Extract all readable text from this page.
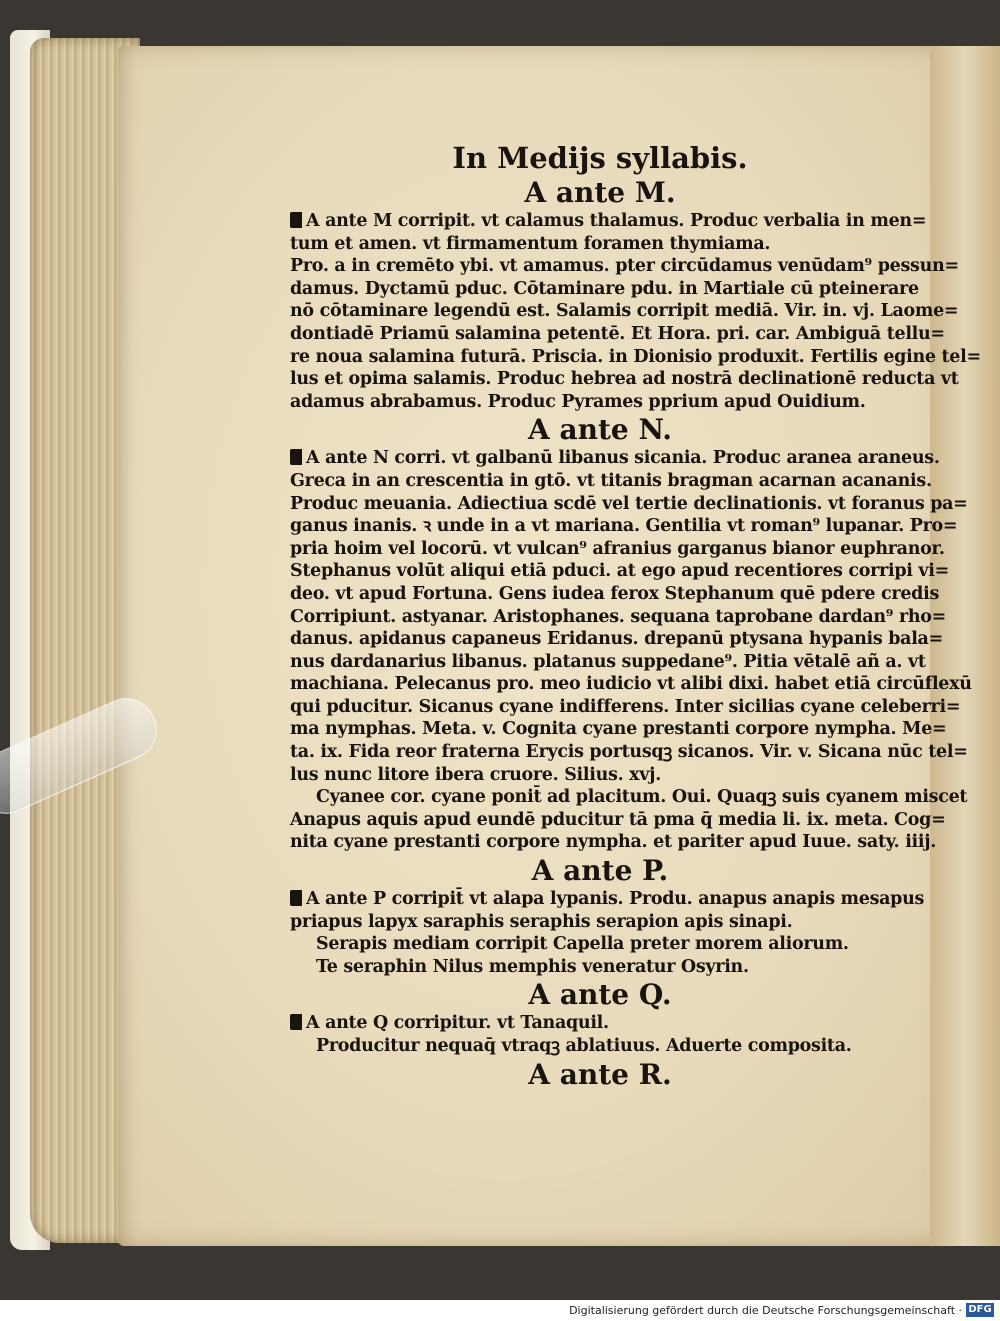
In Medijs syllabis.

A ante M.

A ante M corripit. vt calamus thalamus. Produc verbalia in men=

tum et amen. vt firmamentum foramen thymiama.

Pro. a in cremēto ybi. vt amamus. pter circūdamus venūdam⁹ pessun=

damus. Dyctamū pduc. Cōtaminare pdu. in Martiale cū pteinerare

nō cōtaminare legendū est. Salamis corripit mediā. Vir. in. vj. Laome=

dontiadē Priamū salamina petentē. Et Hora. pri. car. Ambiguā tellu=

re noua salamina futurā. Priscia. in Dionisio produxit. Fertilis egine tel=

lus et opima salamis. Produc hebrea ad nostrā declinationē reducta vt

adamus abrabamus. Produc Pyrames pprium apud Ouidium.

A ante N.

A ante N corri. vt galbanū libanus sicania. Produc aranea araneus.

Greca in an crescentia in gtō. vt titanis bragman acarnan acananis.

Produc meuania. Adiectiua scdē vel tertie declinationis. vt foranus pa=

ganus inanis. ꝛ unde in a vt mariana. Gentilia vt roman⁹ lupanar. Pro=

pria hoim vel locorū. vt vulcan⁹ afranius garganus bianor euphranor.

Stephanus volūt aliqui etiā pduci. at ego apud recentiores corripi vi=

deo. vt apud Fortuna. Gens iudea ferox Stephanum quē pdere credis

Corripiunt. astyanar. Aristophanes. sequana taprobane dardan⁹ rho=

danus. apidanus capaneus Eridanus. drepanū ptysana hypanis bala=

nus dardanarius libanus. platanus suppedane⁹. Pitia vētalē añ a. vt

machiana. Pelecanus pro. meo iudicio vt alibi dixi. habet etiā circūflexū

qui pducitur. Sicanus cyane indifferens. Inter sicilias cyane celeberri=

ma nymphas. Meta. v. Cognita cyane prestanti corpore nympha. Me=

ta. ix. Fida reor fraterna Erycis portusqꝫ sicanos. Vir. v. Sicana nūc tel=

lus nunc litore ibera cruore. Silius. xvj.

Cyanee cor. cyane ponit̄ ad placitum. Oui. Quaqꝫ suis cyanem miscet

Anapus aquis apud eundē pducitur tā pma q̄ media li. ix. meta. Cog=

nita cyane prestanti corpore nympha. et pariter apud Iuue. saty. iiij.

A ante P.

A ante P corripit̄ vt alapa lypanis. Produ. anapus anapis mesapus

priapus lapyx saraphis seraphis serapion apis sinapi.

Serapis mediam corripit Capella preter morem aliorum.

Te seraphin Nilus memphis veneratur Osyrin.

A ante Q.

A ante Q corripitur. vt Tanaquil.

Producitur nequaq̄ vtraqꝫ ablatiuus. Aduerte composita.

A ante R.

Digitalisierung gefördert durch die Deutsche Forschungsgemeinschaft · DFG
